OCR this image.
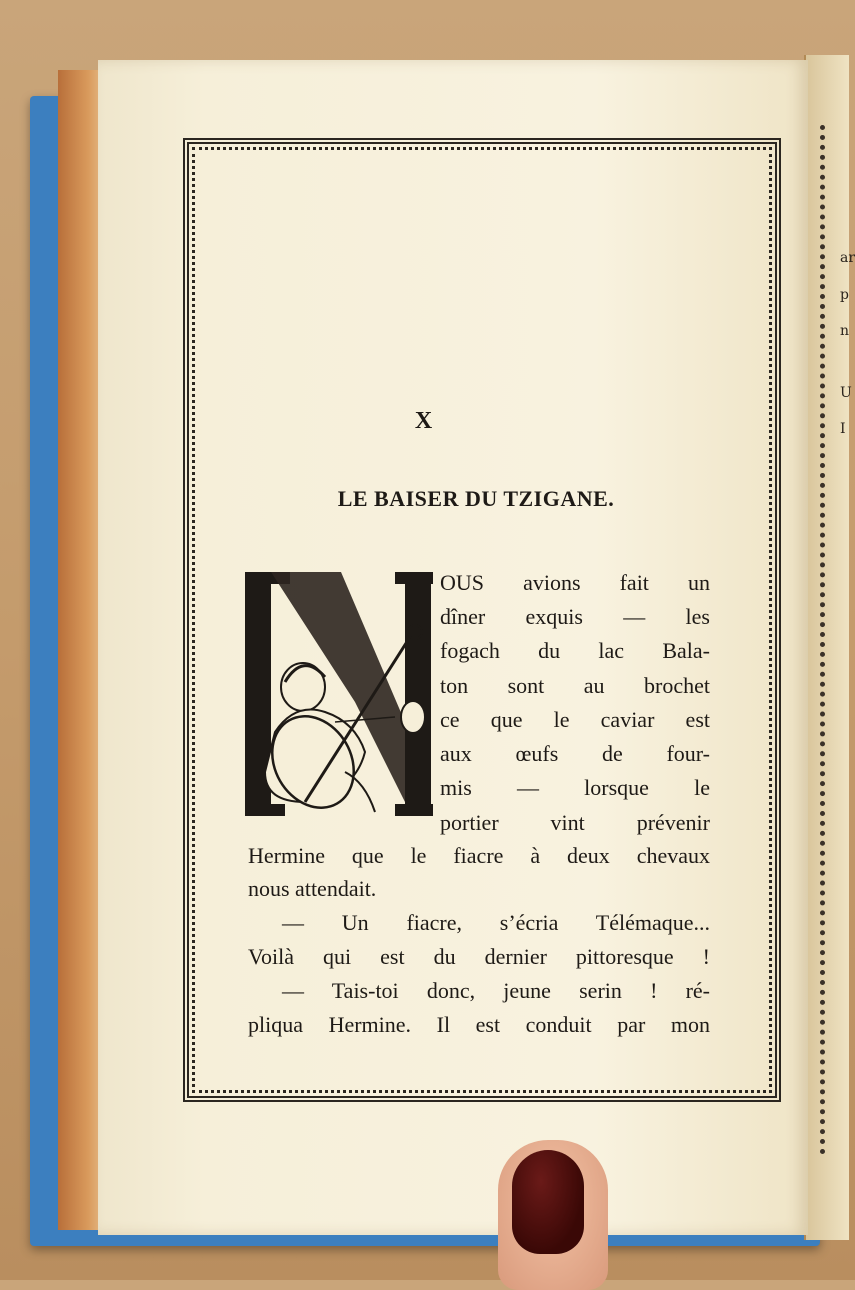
ar
p
n
U
I
X
LE BAISER DU TZIGANE.
OUS avions fait un
dîner exquis — les
fogach du lac Bala-
ton sont au brochet
ce que le caviar est
aux œufs de four-
mis — lorsque le
portier vint prévenir
Hermine que le fiacre à deux chevaux
nous attendait.
— Un fiacre, s’écria Télémaque...
Voilà qui est du dernier pittoresque !
— Tais-toi donc, jeune serin ! ré-
pliqua Hermine. Il est conduit par mon
